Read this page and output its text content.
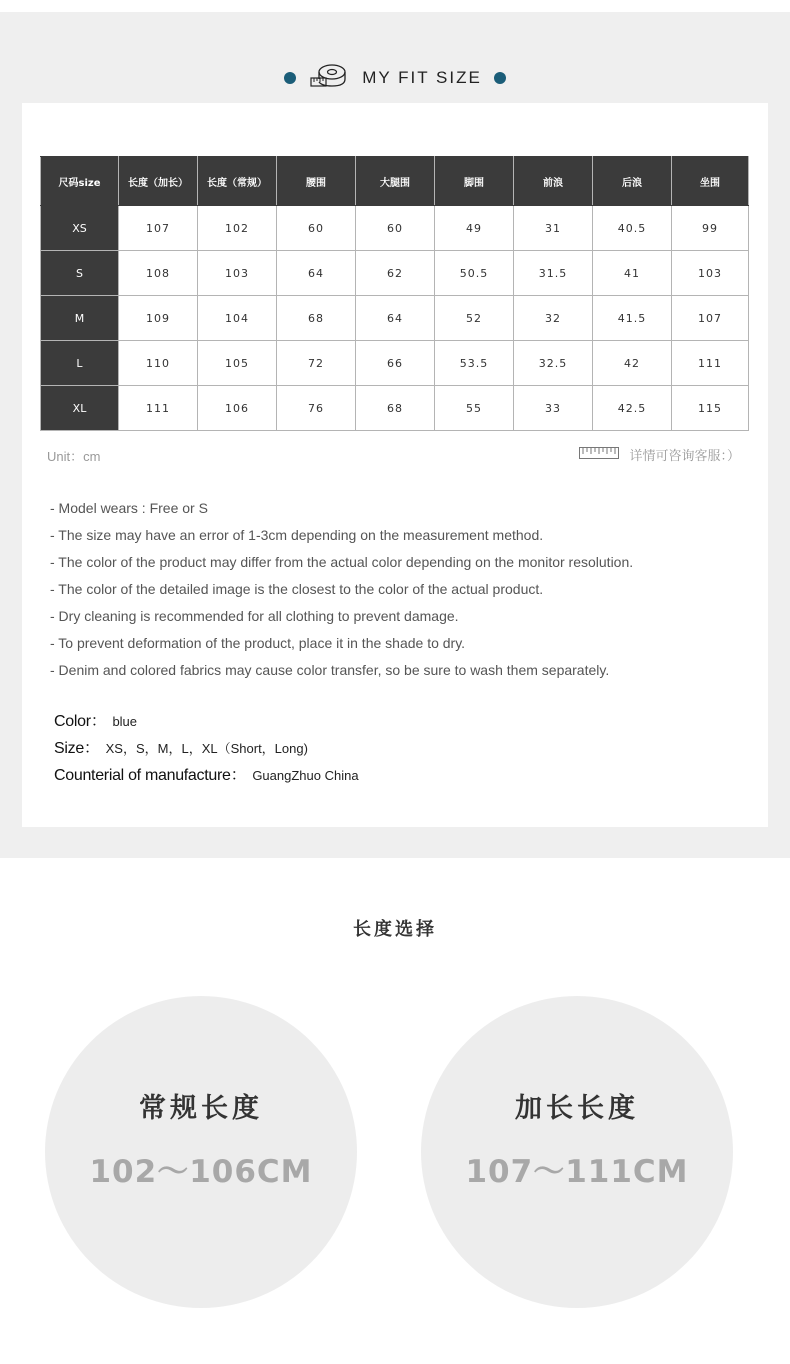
MY FIT SIZE
尺码size	长度（加长）	长度（常规）	腰围	大腿围	脚围	前浪	后浪	坐围
XS	107	102	60	60	49	31	40.5	99
S	108	103	64	62	50.5	31.5	41	103
M	109	104	68	64	52	32	41.5	107
L	110	105	72	66	53.5	32.5	42	111
XL	111	106	76	68	55	33	42.5	115
Unit：cm	详情可咨询客服：）
- Model wears : Free or S
- The size may have an error of 1-3cm depending on the measurement method.
- The color of the product may differ from the actual color depending on the monitor resolution.
- The color of the detailed image is the closest to the color of the actual product.
- Dry cleaning is recommended for all clothing to prevent damage.
- To prevent deformation of the product, place it in the shade to dry.
- Denim and colored fabrics may cause color transfer, so be sure to wash them separately.
Color： blue
Size： XS，S，M，L，XL（Short，Long)
Counterial of manufacture： GuangZhuo China
长度选择
常规长度
102～106CM
加长长度
107～111CM
